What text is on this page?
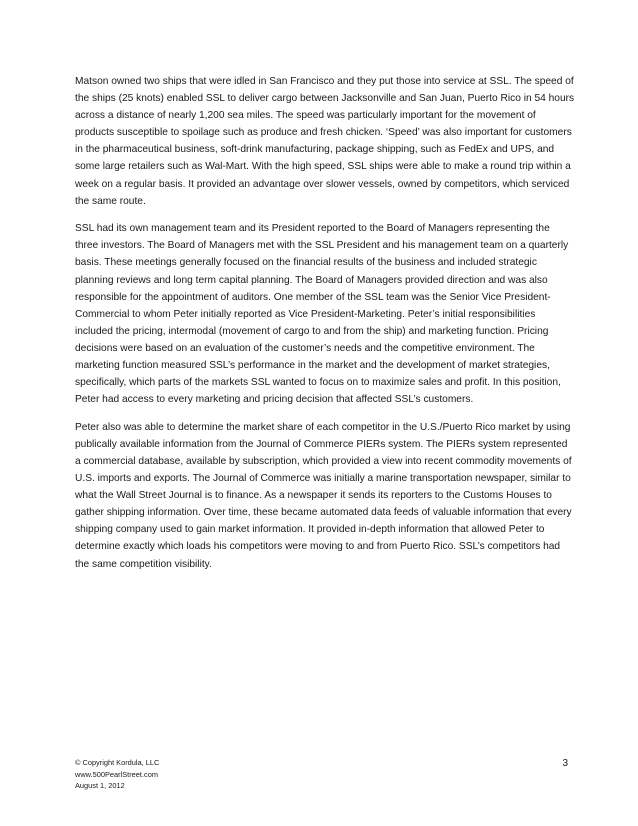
Matson owned two ships that were idled in San Francisco and they put those into service at SSL. The speed of the ships (25 knots) enabled SSL to deliver cargo between Jacksonville and San Juan, Puerto Rico in 54 hours across a distance of nearly 1,200 sea miles. The speed was particularly important for the movement of products susceptible to spoilage such as produce and fresh chicken. ‘Speed’ was also important for customers in the pharmaceutical business, soft-drink manufacturing, package shipping, such as FedEx and UPS, and some large retailers such as Wal-Mart. With the high speed, SSL ships were able to make a round trip within a week on a regular basis. It provided an advantage over slower vessels, owned by competitors, which serviced the same route.

SSL had its own management team and its President reported to the Board of Managers representing the three investors. The Board of Managers met with the SSL President and his management team on a quarterly basis. These meetings generally focused on the financial results of the business and included strategic planning reviews and long term capital planning. The Board of Managers provided direction and was also responsible for the appointment of auditors. One member of the SSL team was the Senior Vice President-Commercial to whom Peter initially reported as Vice President-Marketing. Peter’s initial responsibilities included the pricing, intermodal (movement of cargo to and from the ship) and marketing function. Pricing decisions were based on an evaluation of the customer’s needs and the competitive environment. The marketing function measured SSL’s performance in the market and the development of market strategies, specifically, which parts of the markets SSL wanted to focus on to maximize sales and profit. In this position, Peter had access to every marketing and pricing decision that affected SSL’s customers.

Peter also was able to determine the market share of each competitor in the U.S./Puerto Rico market by using publically available information from the Journal of Commerce PIERs system. The PIERs system represented a commercial database, available by subscription, which provided a view into recent commodity movements of U.S. imports and exports. The Journal of Commerce was initially a marine transportation newspaper, similar to what the Wall Street Journal is to finance. As a newspaper it sends its reporters to the Customs Houses to gather shipping information. Over time, these became automated data feeds of valuable information that every shipping company used to gain market information. It provided in-depth information that allowed Peter to determine exactly which loads his competitors were moving to and from Puerto Rico. SSL’s competitors had the same competition visibility.

© Copyright Kordula, LLC

www.500PearlStreet.com

August 1, 2012

3
